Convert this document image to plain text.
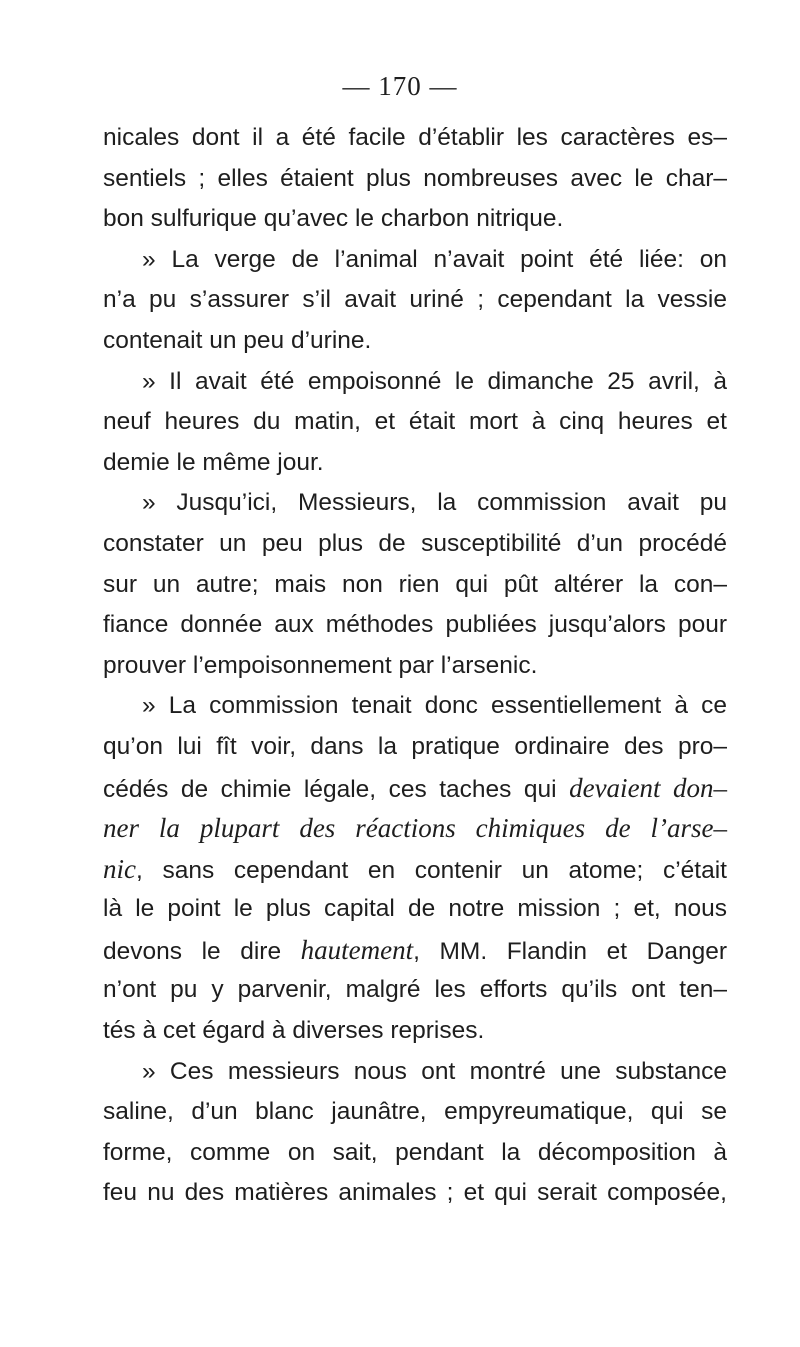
— 170 —
nicales dont il a été facile d’établir les caractères es–
sentiels ; elles étaient plus nombreuses avec le char–
bon sulfurique qu’avec le charbon nitrique.
» La verge de l’animal n’avait point été liée: on
n’a pu s’assurer s’il avait uriné ; cependant la vessie
contenait un peu d’urine.
» Il avait été empoisonné le dimanche 25 avril, à
neuf heures du matin, et était mort à cinq heures et
demie le même jour.
» Jusqu’ici, Messieurs, la commission avait pu
constater un peu plus de susceptibilité d’un procédé
sur un autre; mais non rien qui pût altérer la con–
fiance donnée aux méthodes publiées jusqu’alors pour
prouver l’empoisonnement par l’arsenic.
» La commission tenait donc essentiellement à ce
qu’on lui fît voir, dans la pratique ordinaire des pro–
cédés de chimie légale, ces taches qui devaient don–
ner la plupart des réactions chimiques de l’arse–
nic, sans cependant en contenir un atome; c’était
là le point le plus capital de notre mission ; et, nous
devons le dire hautement, MM. Flandin et Danger
n’ont pu y parvenir, malgré les efforts qu’ils ont ten–
tés à cet égard à diverses reprises.
» Ces messieurs nous ont montré une substance
saline, d’un blanc jaunâtre, empyreumatique, qui se
forme, comme on sait, pendant la décomposition à
feu nu des matières animales ; et qui serait composée,
